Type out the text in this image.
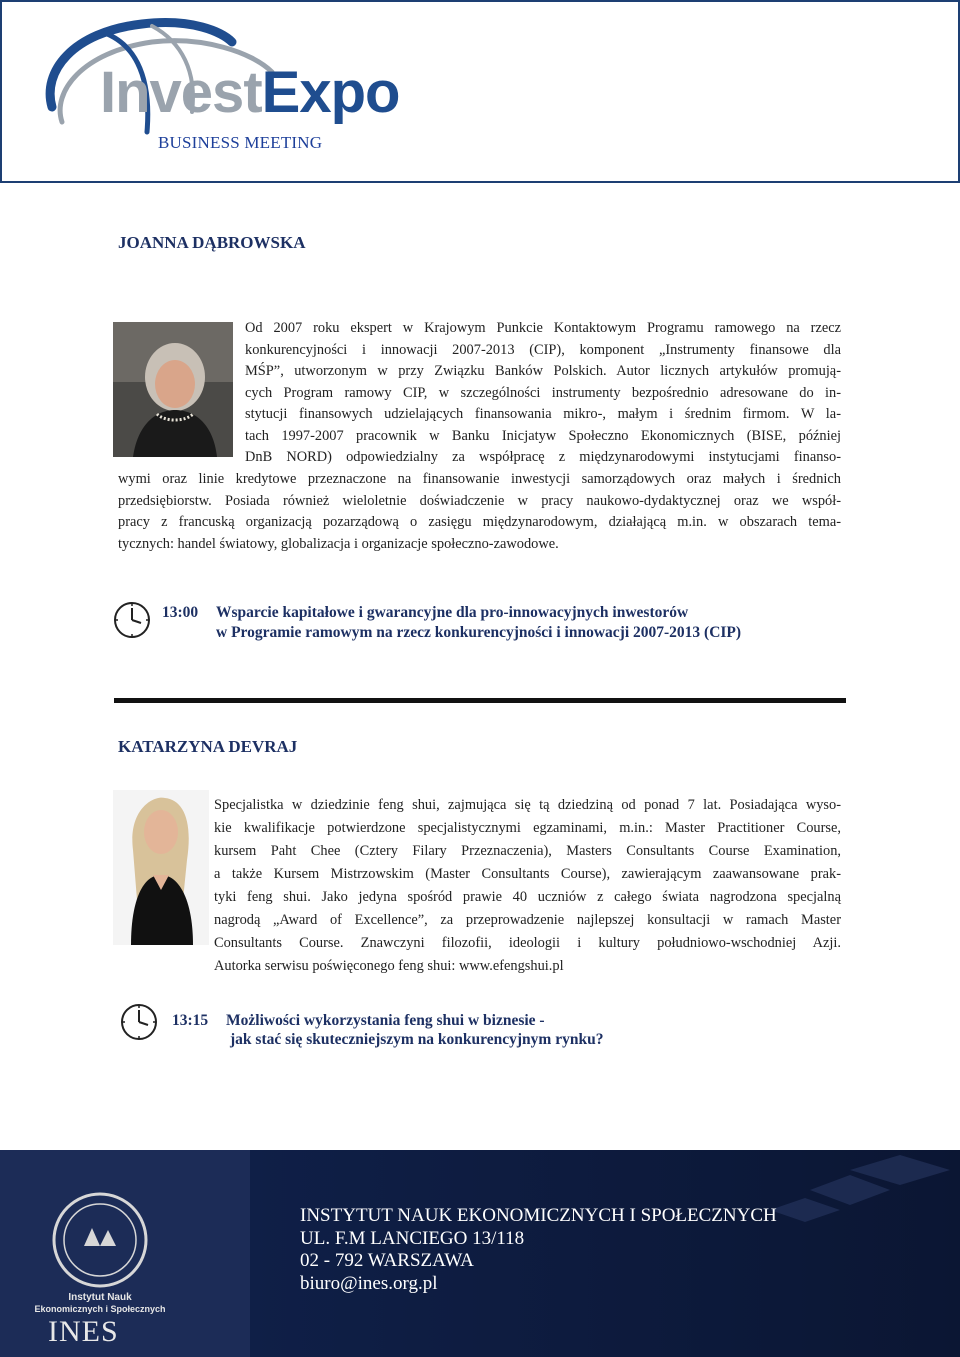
InvestExpo
BUSINESS MEETING
JOANNA DĄBROWSKA
Od 2007 roku ekspert w Krajowym Punkcie Kontaktowym Programu ramowego na rzecz
konkurencyjności i innowacji 2007-2013 (CIP), komponent „Instrumenty finansowe dla
MŚP”, utworzonym w przy Związku Banków Polskich. Autor licznych artykułów promują-
cych Program ramowy CIP, w szczególności instrumenty bezpośrednio adresowane do in-
stytucji finansowych udzielających finansowania mikro-, małym i średnim firmom. W la-
tach 1997-2007 pracownik w Banku Inicjatyw Społeczno Ekonomicznych (BISE, później
DnB NORD) odpowiedzialny za współpracę z międzynarodowymi instytucjami finanso-
wymi oraz linie kredytowe przeznaczone na finansowanie inwestycji samorządowych oraz małych i średnich
przedsiębiorstw. Posiada również wieloletnie doświadczenie w pracy naukowo-dydaktycznej oraz we współ-
pracy z francuską organizacją pozarządową o zasięgu międzynarodowym, działającą m.in. w obszarach tema-
tycznych: handel światowy, globalizacja i organizacje społeczno-zawodowe.
13:00 Wsparcie kapitałowe i gwarancyjne dla pro-innowacyjnych inwestorów
w Programie ramowym na rzecz konkurencyjności i innowacji 2007-2013 (CIP)
KATARZYNA DEVRAJ
Specjalistka w dziedzinie feng shui, zajmująca się tą dziedziną od ponad 7 lat. Posiadająca wyso-
kie kwalifikacje potwierdzone specjalistycznymi egzaminami, m.in.: Master Practitioner Course,
kursem Paht Chee (Cztery Filary Przeznaczenia), Masters Consultants Course Examination,
a także Kursem Mistrzowskim (Master Consultants Course), zawierającym zaawansowane prak-
tyki feng shui. Jako jedyna spośród prawie 40 uczniów z całego świata nagrodzona specjalną
nagrodą „Award of Excellence”, za przeprowadzenie najlepszej konsultacji w ramach Master
Consultants Course. Znawczyni filozofii, ideologii i kultury południowo-wschodniej Azji.
Autorka serwisu poświęconego feng shui: www.efengshui.pl
13:15 Możliwości wykorzystania feng shui w biznesie -
jak stać się skuteczniejszym na konkurencyjnym rynku?
Instytut Nauk
Ekonomicznych i Społecznych
INES
INSTYTUT NAUK EKONOMICZNYCH I SPOŁECZNYCH
UL. F.M LANCIEGO 13/118
02 - 792 WARSZAWA
biuro@ines.org.pl
